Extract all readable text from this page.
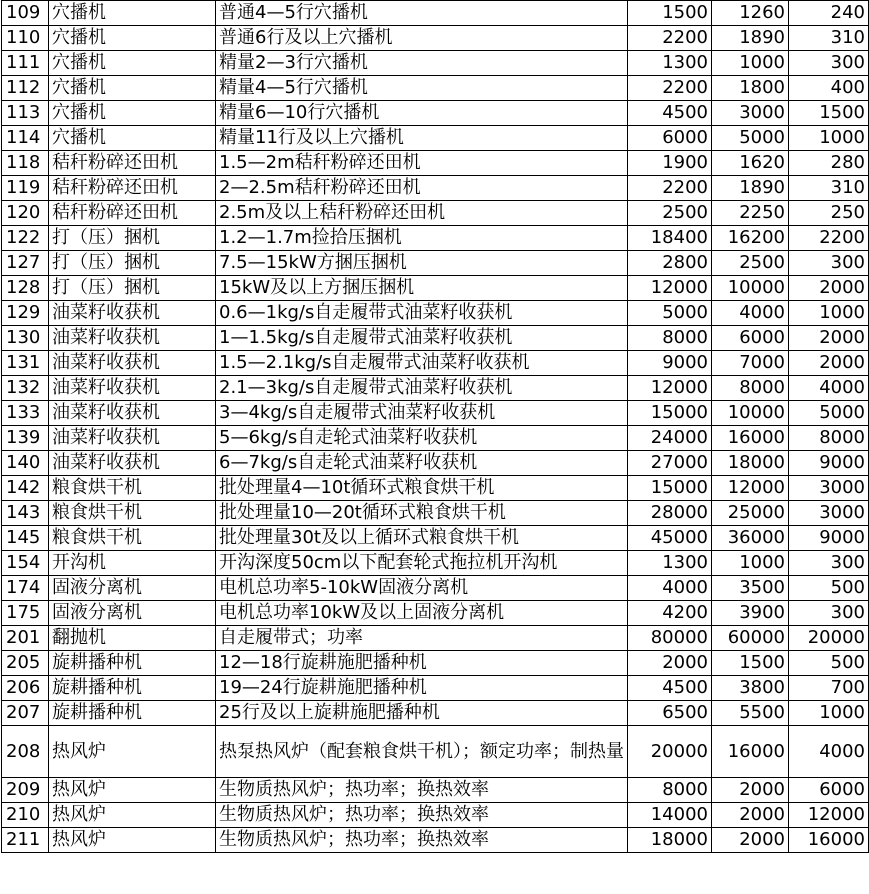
109	穴播机	普通4—5行穴播机	1500	1260	240
110	穴播机	普通6行及以上穴播机	2200	1890	310
111	穴播机	精量2—3行穴播机	1300	1000	300
112	穴播机	精量4—5行穴播机	2200	1800	400
113	穴播机	精量6—10行穴播机	4500	3000	1500
114	穴播机	精量11行及以上穴播机	6000	5000	1000
118	秸秆粉碎还田机	1.5—2m秸秆粉碎还田机	1900	1620	280
119	秸秆粉碎还田机	2—2.5m秸秆粉碎还田机	2200	1890	310
120	秸秆粉碎还田机	2.5m及以上秸秆粉碎还田机	2500	2250	250
122	打（压）捆机	1.2—1.7m捡拾压捆机	18400	16200	2200
127	打（压）捆机	7.5—15kW方捆压捆机	2800	2500	300
128	打（压）捆机	15kW及以上方捆压捆机	12000	10000	2000
129	油菜籽收获机	0.6—1kg/s自走履带式油菜籽收获机	5000	4000	1000
130	油菜籽收获机	1—1.5kg/s自走履带式油菜籽收获机	8000	6000	2000
131	油菜籽收获机	1.5—2.1kg/s自走履带式油菜籽收获机	9000	7000	2000
132	油菜籽收获机	2.1—3kg/s自走履带式油菜籽收获机	12000	8000	4000
133	油菜籽收获机	3—4kg/s自走履带式油菜籽收获机	15000	10000	5000
139	油菜籽收获机	5—6kg/s自走轮式油菜籽收获机	24000	16000	8000
140	油菜籽收获机	6—7kg/s自走轮式油菜籽收获机	27000	18000	9000
142	粮食烘干机	批处理量4—10t循环式粮食烘干机	15000	12000	3000
143	粮食烘干机	批处理量10—20t循环式粮食烘干机	28000	25000	3000
145	粮食烘干机	批处理量30t及以上循环式粮食烘干机	45000	36000	9000
154	开沟机	开沟深度50cm以下配套轮式拖拉机开沟机	1300	1000	300
174	固液分离机	电机总功率5-10kW固液分离机	4000	3500	500
175	固液分离机	电机总功率10kW及以上固液分离机	4200	3900	300
201	翻抛机	自走履带式；功率	80000	60000	20000
205	旋耕播种机	12—18行旋耕施肥播种机	2000	1500	500
206	旋耕播种机	19—24行旋耕施肥播种机	4500	3800	700
207	旋耕播种机	25行及以上旋耕施肥播种机	6500	5500	1000
208	热风炉	热泵热风炉（配套粮食烘干机）；额定功率；制热量	20000	16000	4000
209	热风炉	生物质热风炉；热功率；换热效率	8000	2000	6000
210	热风炉	生物质热风炉；热功率；换热效率	14000	2000	12000
211	热风炉	生物质热风炉；热功率；换热效率	18000	2000	16000
